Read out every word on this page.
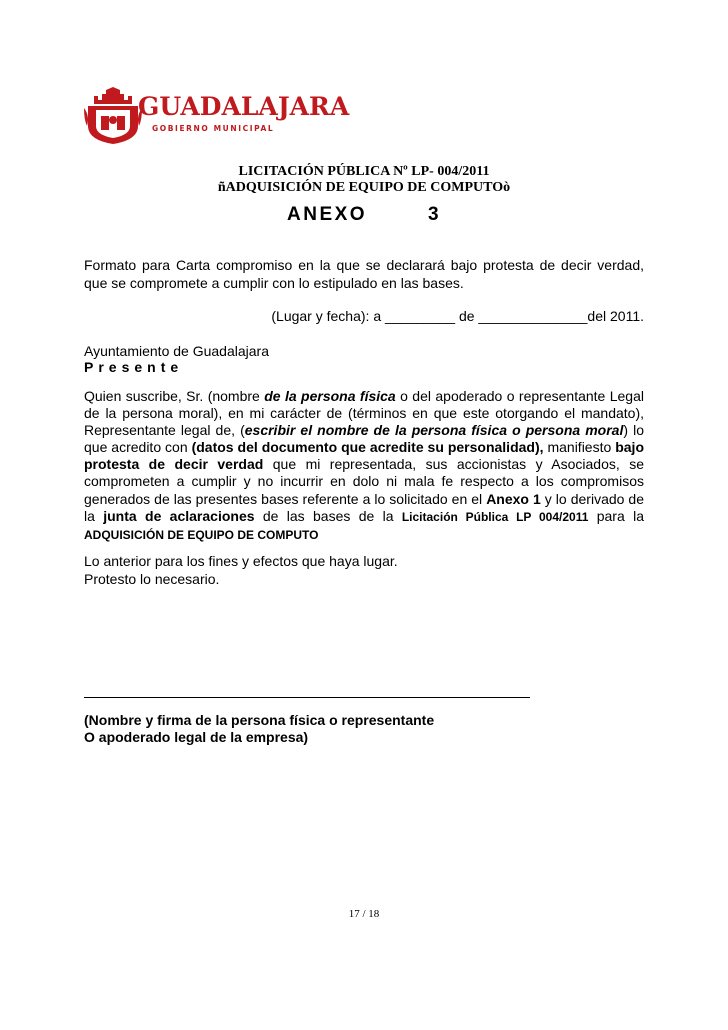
GUADALAJARA
GOBIERNO MUNICIPAL
LICITACIÓN PÚBLICA Nº LP- 004/2011
ñADQUISICIÓN DE EQUIPO DE COMPUTOò
ANEXO	3
Formato para Carta compromiso en la que se declarará bajo protesta de decir verdad, que se compromete a cumplir con lo estipulado en las bases.
(Lugar y fecha): a _________ de ______________del 2011.
Ayuntamiento de Guadalajara
Presente
Quien suscribe, Sr. (nombre de la persona física o del apoderado o representante Legal de la persona moral), en mi carácter de (términos en que este otorgando el mandato), Representante legal de, (escribir el nombre de la persona física o persona moral) lo que acredito con (datos del documento que acredite su personalidad), manifiesto bajo protesta de decir verdad que mi representada, sus accionistas y Asociados, se comprometen a cumplir y no incurrir en dolo ni mala fe respecto a los compromisos generados de las presentes bases referente a lo solicitado en el Anexo 1 y lo derivado de la junta de aclaraciones de las bases de la Licitación Pública LP 004/2011 para la ADQUISICIÓN DE EQUIPO DE COMPUTO
Lo anterior para los fines y efectos que haya lugar.
Protesto lo necesario.
(Nombre y firma de la persona física o representante
O apoderado legal de la empresa)
17 / 18
